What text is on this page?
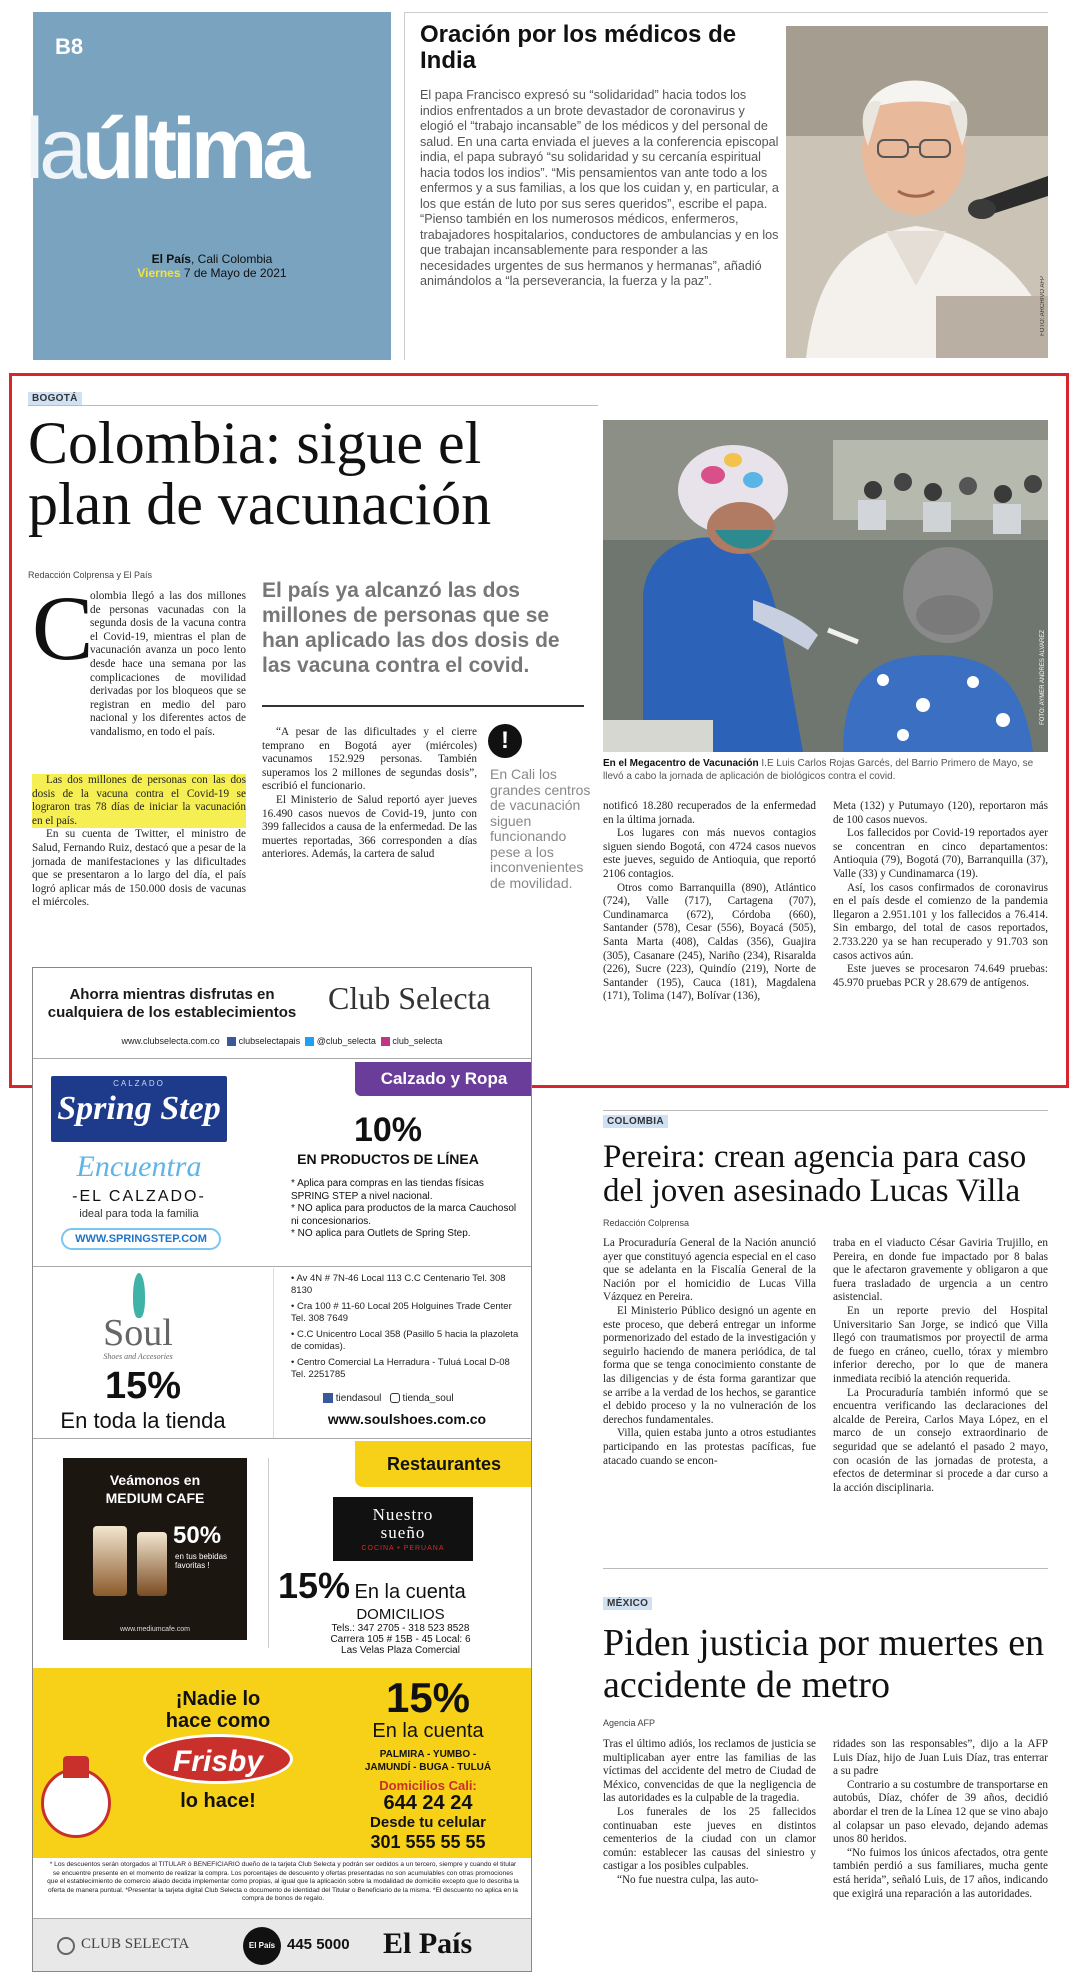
B8
laúltima
El País, Cali Colombia
Viernes 7 de Mayo de 2021
Oración por los médicos de India
El papa Francisco expresó su “solidaridad” hacia todos los indios enfrentados a un brote devastador de coronavirus y elogió el “trabajo incansable” de los médicos y del personal de salud. En una carta enviada el jueves a la conferencia episcopal india, el papa subrayó “su solidaridad y su cercanía espiritual hacia todos los indios”. “Mis pensamientos van ante todo a los enfermos y a sus familias, a los que los cuidan y, en particular, a los que están de luto por sus seres queridos”, escribe el papa. “Pienso también en los numerosos médicos, enfermeros, trabajadores hospitalarios, conductores de ambulancias y en los que trabajan incansablemente para responder a las necesidades urgentes de sus hermanos y hermanas”, añadió animándolos a “la perseverancia, la fuerza y la paz”.	FOTO: ARCHIVO AFP
BOGOTÁ
Colombia: sigue el plan de vacunación
Redacción Colprensa y El País
C

olombia llegó a las dos millones de personas vacunadas con la segunda dosis de la vacuna contra el Covid-19, mientras el plan de vacunación avanza un poco lento desde hace una semana por las complicaciones de movilidad derivadas por los bloqueos que se registran en medio del paro nacional y los diferentes actos de vandalismo, en todo el país.

Las dos millones de personas con las dos dosis de la vacuna contra el Covid-19 se lograron tras 78 días de iniciar la vacunación en el país.

En su cuenta de Twitter, el ministro de Salud, Fernando Ruiz, destacó que a pesar de la jornada de manifestaciones y las dificultades que se presentaron a lo largo del día, el país logró aplicar más de 150.000 dosis de vacunas el miércoles.

El país ya alcanzó las dos millones de personas que se han aplicado las dos dosis de las vacuna contra el covid.

“A pesar de las dificultades y el cierre temprano en Bogotá ayer (miércoles) vacunamos 152.929 personas. También superamos los 2 millones de segundas dosis”, escribió el funcionario.

El Ministerio de Salud reportó ayer jueves 16.490 casos nuevos de Covid-19, junto con 399 fallecidos a causa de la enfermedad. De las muertes reportadas, 366 corresponden a días anteriores. Además, la cartera de salud

!
En Cali los grandes centros de vacunación siguen funcionando pese a los inconvenientes de movilidad.
FOTO: AYMER ANDRÉS ÁLVAREZ
En el Megacentro de Vacunación I.E Luis Carlos Rojas Garcés, del Barrio Primero de Mayo, se llevó a cabo la jornada de aplicación de biológicos contra el covid.

notificó 18.280 recuperados de la enfermedad en la última jornada.

Los lugares con más nuevos contagios siguen siendo Bogotá, con 4724 casos nuevos este jueves, seguido de Antioquia, que reportó 2106 contagios.

Otros como Barranquilla (890), Atlántico (724), Valle (717), Cartagena (707), Cundinamarca (672), Córdoba (660), Santander (578), Cesar (556), Boyacá (505), Santa Marta (408), Caldas (356), Guajira (305), Casanare (245), Nariño (234), Risaralda (226), Sucre (223), Quindío (219), Norte de Santander (195), Cauca (181), Magdalena (171), Tolima (147), Bolívar (136),

Meta (132) y Putumayo (120), reportaron más de 100 casos nuevos.

Los fallecidos por Covid-19 reportados ayer se concentran en cinco departamentos: Antioquia (79), Bogotá (70), Barranquilla (37), Valle (33) y Cundinamarca (19).

Así, los casos confirmados de coronavirus en el país desde el comienzo de la pandemia llegaron a 2.951.101 y los fallecidos a 76.414. Sin embargo, del total de casos reportados, 2.733.220 ya se han recuperado y 91.703 son casos activos aún.

Este jueves se procesaron 74.649 pruebas: 45.970 pruebas PCR y 28.679 de antígenos.

COLOMBIA
Pereira: crean agencia para caso del joven asesinado Lucas Villa
Redacción Colprensa

La Procuraduría General de la Nación anunció ayer que constituyó agencia especial en el caso que se adelanta en la Fiscalía General de la Nación por el homicidio de Lucas Villa Vázquez en Pereira.

El Ministerio Público designó un agente en este proceso, que deberá entregar un informe pormenorizado del estado de la investigación y seguirlo haciendo de manera periódica, de tal forma que se tenga conocimiento constante de las diligencias y de ésta forma garantizar que se arribe a la verdad de los hechos, se garantice el debido proceso y la no vulneración de los derechos fundamentales.

Villa, quien estaba junto a otros estudiantes participando en las protestas pacíficas, fue atacado cuando se encon-

traba en el viaducto César Gaviria Trujillo, en Pereira, en donde fue impactado por 8 balas que le afectaron gravemente y obligaron a que fuera trasladado de urgencia a un centro asistencial.

En un reporte previo del Hospital Universitario San Jorge, se indicó que Villa llegó con traumatismos por proyectil de arma de fuego en cráneo, cuello, tórax y miembro inferior derecho, por lo que de manera inmediata recibió la atención requerida.

La Procuraduría también informó que se encuentra verificando las declaraciones del alcalde de Pereira, Carlos Maya López, en el marco de un consejo extraordinario de seguridad que se adelantó el pasado 2 mayo, con ocasión de las jornadas de protesta, a efectos de determinar si procede a dar curso a la acción disciplinaria.

MÉXICO
Piden justicia por muertes en accidente de metro
Agencia AFP

Tras el último adiós, los reclamos de justicia se multiplicaban ayer entre las familias de las víctimas del accidente del metro de Ciudad de México, convencidas de que la negligencia de las autoridades es la culpable de la tragedia.

Los funerales de los 25 fallecidos continuaban este jueves en distintos cementerios de la ciudad con un clamor común: establecer las causas del siniestro y castigar a los posibles culpables.

“No fue nuestra culpa, las auto-

ridades son las responsables”, dijo a la AFP Luis Díaz, hijo de Juan Luis Díaz, tras enterrar a su padre

Contrario a su costumbre de transportarse en autobús, Díaz, chófer de 39 años, decidió abordar el tren de la Línea 12 que se vino abajo al colapsar un paso elevado, dejando ademas unos 80 heridos.

“No fuimos los únicos afectados, otra gente también perdió a sus familiares, mucha gente está herida”, señaló Luis, de 17 años, indicando que exigirá una reparación a las autoridades.

Ahorra mientras disfrutas en cualquiera de los establecimientos Club Selecta
www.clubselecta.com.co clubselectapais @club_selecta club_selecta
Calzado y Ropa
CALZADO
Spring Step
Encuentra
-EL CALZADO-
ideal para toda la familia
WWW.SPRINGSTEP.COM
10%
EN PRODUCTOS DE LÍNEA
* Aplica para compras en las tiendas físicas SPRING STEP a nivel nacional.
* NO aplica para productos de la marca Cauchosol ni concesionarios.
* NO aplica para Outlets de Spring Step.
Soul
Shoes and Accesories
15%
En toda la tienda
• Av 4N # 7N-46 Local 113 C.C Centenario Tel. 308 8130
• Cra 100 # 11-60 Local 205 Holguines Trade Center Tel. 308 7649
• C.C Unicentro Local 358 (Pasillo 5 hacia la plazoleta de comidas).
• Centro Comercial La Herradura - Tuluá Local D-08 Tel. 2251785
tiendasoul tienda_soul
www.soulshoes.com.co
Restaurantes
Veámonos en
MEDIUM CAFE
50%
en tus bebidas favoritas !
www.mediumcafe.com
Nuestro
sueño
COCINA • PERUANA
15% En la cuenta
DOMICILIOS
Tels.: 347 2705 - 318 523 8528
Carrera 105 # 15B - 45 Local: 6
Las Velas Plaza Comercial
¡Nadie lo
hace como
Frisby
lo hace!
15%
En la cuenta
PALMIRA - YUMBO -
JAMUNDÍ - BUGA - TULUÁ
Domicilios Cali:
644 24 24
Desde tu celular
301 555 55 55
* Los descuentos serán otorgados al TITULAR ó BENEFICIARIO dueño de la tarjeta Club Selecta y podrán ser cedidos a un tercero, siempre y cuando el titular se encuentre presente en el momento de realizar la compra. Los porcentajes de descuento y ofertas presentadas no son acumulables con otras promociones que el establecimiento de comercio aliado decida implementar como propias, al igual que la aplicación sobre la modalidad de domicilio excepto que lo describa la oferta de manera puntual. *Presentar la tarjeta digital Club Selecta o documento de identidad del Titular o Beneficiario de la misma. *El descuento no aplica en la compra de bonos de regalo.
CLUB SELECTA	El País 445 5000 El País
